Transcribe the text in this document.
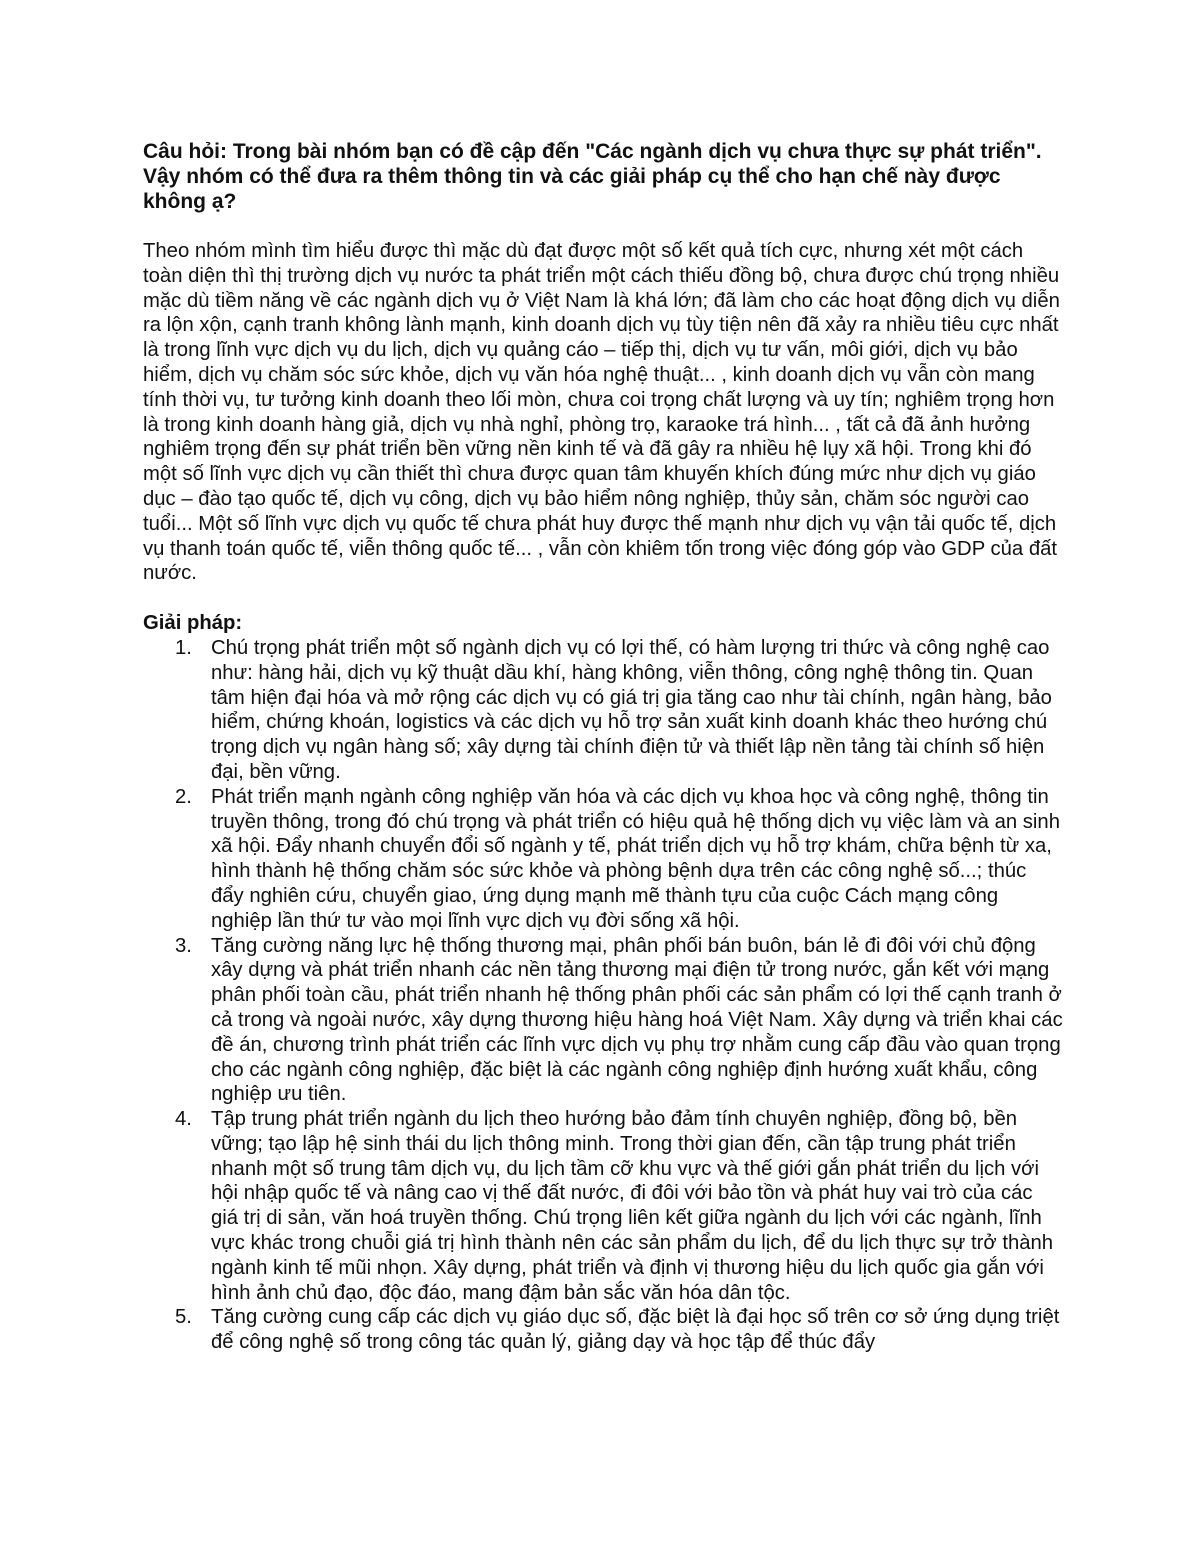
Câu hỏi: Trong bài nhóm bạn có đề cập đến "Các ngành dịch vụ chưa thực sự phát triển". Vậy nhóm có thể đưa ra thêm thông tin và các giải pháp cụ thể cho hạn chế này được không ạ?

Theo nhóm mình tìm hiểu được thì mặc dù đạt được một số kết quả tích cực, nhưng xét một cách toàn diện thì thị trường dịch vụ nước ta phát triển một cách thiếu đồng bộ, chưa được chú trọng nhiều mặc dù tiềm năng về các ngành dịch vụ ở Việt Nam là khá lớn; đã làm cho các hoạt động dịch vụ diễn ra lộn xộn, cạnh tranh không lành mạnh, kinh doanh dịch vụ tùy tiện nên đã xảy ra nhiều tiêu cực nhất là trong lĩnh vực dịch vụ du lịch, dịch vụ quảng cáo – tiếp thị, dịch vụ tư vấn, môi giới, dịch vụ bảo hiểm, dịch vụ chăm sóc sức khỏe, dịch vụ văn hóa nghệ thuật... , kinh doanh dịch vụ vẫn còn mang tính thời vụ, tư tưởng kinh doanh theo lối mòn, chưa coi trọng chất lượng và uy tín; nghiêm trọng hơn là trong kinh doanh hàng giả, dịch vụ nhà nghỉ, phòng trọ, karaoke trá hình... , tất cả đã ảnh hưởng nghiêm trọng đến sự phát triển bền vững nền kinh tế và đã gây ra nhiều hệ lụy xã hội. Trong khi đó một số lĩnh vực dịch vụ cần thiết thì chưa được quan tâm khuyến khích đúng mức như dịch vụ giáo dục – đào tạo quốc tế, dịch vụ công, dịch vụ bảo hiểm nông nghiệp, thủy sản, chăm sóc người cao tuổi... Một số lĩnh vực dịch vụ quốc tế chưa phát huy được thế mạnh như dịch vụ vận tải quốc tế, dịch vụ thanh toán quốc tế, viễn thông quốc tế... , vẫn còn khiêm tốn trong việc đóng góp vào GDP của đất nước.

Giải pháp:

1. Chú trọng phát triển một số ngành dịch vụ có lợi thế, có hàm lượng tri thức và công nghệ cao như: hàng hải, dịch vụ kỹ thuật dầu khí, hàng không, viễn thông, công nghệ thông tin. Quan tâm hiện đại hóa và mở rộng các dịch vụ có giá trị gia tăng cao như tài chính, ngân hàng, bảo hiểm, chứng khoán, logistics và các dịch vụ hỗ trợ sản xuất kinh doanh khác theo hướng chú trọng dịch vụ ngân hàng số; xây dựng tài chính điện tử và thiết lập nền tảng tài chính số hiện đại, bền vững.
2. Phát triển mạnh ngành công nghiệp văn hóa và các dịch vụ khoa học và công nghệ, thông tin truyền thông, trong đó chú trọng và phát triển có hiệu quả hệ thống dịch vụ việc làm và an sinh xã hội. Đẩy nhanh chuyển đổi số ngành y tế, phát triển dịch vụ hỗ trợ khám, chữa bệnh từ xa, hình thành hệ thống chăm sóc sức khỏe và phòng bệnh dựa trên các công nghệ số...; thúc đẩy nghiên cứu, chuyển giao, ứng dụng mạnh mẽ thành tựu của cuộc Cách mạng công nghiệp lần thứ tư vào mọi lĩnh vực dịch vụ đời sống xã hội.
3. Tăng cường năng lực hệ thống thương mại, phân phối bán buôn, bán lẻ đi đôi với chủ động xây dựng và phát triển nhanh các nền tảng thương mại điện tử trong nước, gắn kết với mạng phân phối toàn cầu, phát triển nhanh hệ thống phân phối các sản phẩm có lợi thế cạnh tranh ở cả trong và ngoài nước, xây dựng thương hiệu hàng hoá Việt Nam. Xây dựng và triển khai các đề án, chương trình phát triển các lĩnh vực dịch vụ phụ trợ nhằm cung cấp đầu vào quan trọng cho các ngành công nghiệp, đặc biệt là các ngành công nghiệp định hướng xuất khẩu, công nghiệp ưu tiên.
4. Tập trung phát triển ngành du lịch theo hướng bảo đảm tính chuyên nghiệp, đồng bộ, bền vững; tạo lập hệ sinh thái du lịch thông minh. Trong thời gian đến, cần tập trung phát triển nhanh một số trung tâm dịch vụ, du lịch tầm cỡ khu vực và thế giới gắn phát triển du lịch với hội nhập quốc tế và nâng cao vị thế đất nước, đi đôi với bảo tồn và phát huy vai trò của các giá trị di sản, văn hoá truyền thống. Chú trọng liên kết giữa ngành du lịch với các ngành, lĩnh vực khác trong chuỗi giá trị hình thành nên các sản phẩm du lịch, để du lịch thực sự trở thành ngành kinh tế mũi nhọn. Xây dựng, phát triển và định vị thương hiệu du lịch quốc gia gắn với hình ảnh chủ đạo, độc đáo, mang đậm bản sắc văn hóa dân tộc.
5. Tăng cường cung cấp các dịch vụ giáo dục số, đặc biệt là đại học số trên cơ sở ứng dụng triệt để công nghệ số trong công tác quản lý, giảng dạy và học tập để thúc đẩy
